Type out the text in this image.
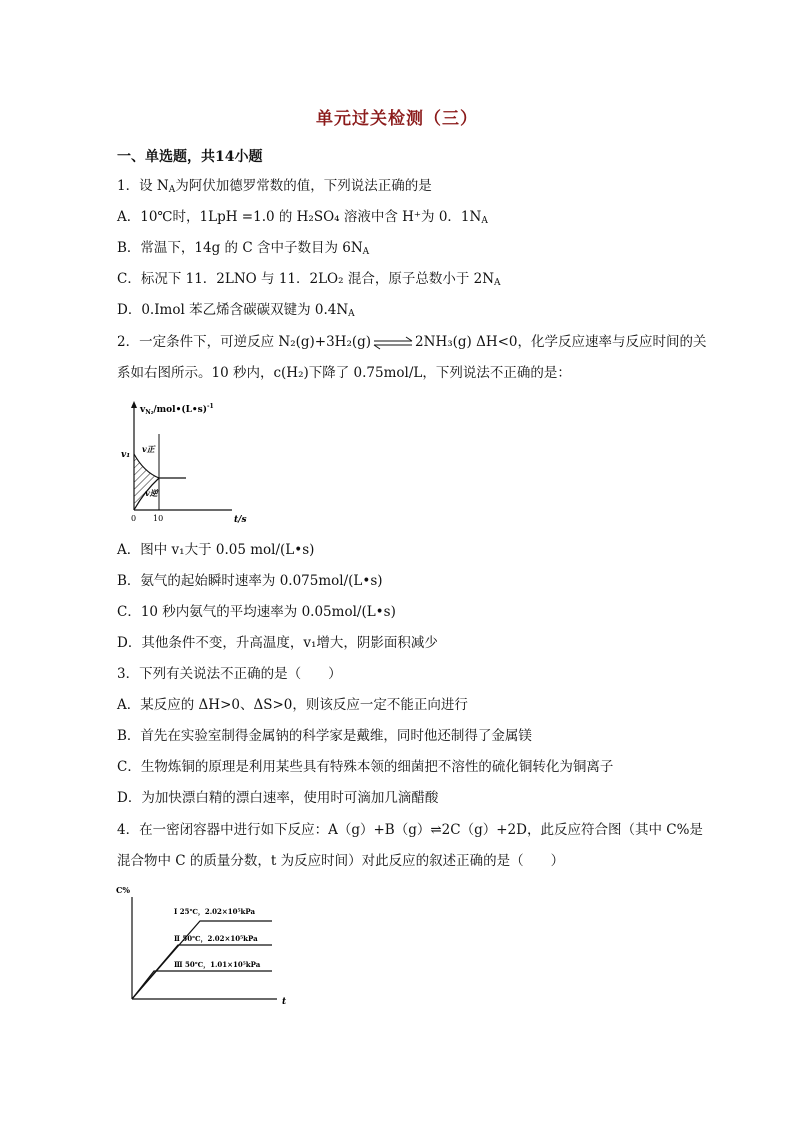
单元过关检测（三）
一、单选题，共14小题
1．设 $N_A$为阿伏加德罗常数的值，下列说法正确的是
A．10℃时，1LpH =1.0 的 H₂SO₄ 溶液中含 H⁺为 0．$1N_A$
B．常温下，14g 的 C 含中子数目为 $6N_A$
C．标况下 11．2LNO 与 11．2LO₂ 混合，原子总数小于 $2N_A$
D．0.Imol 苯乙烯含碳碳双键为 $0.4N_A$
2．一定条件下，可逆反应 N₂(g)+3H₂(g)⇌2NH₃(g) ΔH<0，化学反应速率与反应时间的关
系如右图所示。10 秒内，c(H₂)下降了 0.75mol/L，下列说法不正确的是：
$v_{N_2}/mol•(L•s)^{-1}$
v₁
v正
v逆
0 10	t/s
A．图中 v₁大于 0.05 mol/(L•s)
B．氨气的起始瞬时速率为 0.075mol/(L•s)
C．10 秒内氨气的平均速率为 0.05mol/(L•s)
D．其他条件不变，升高温度，v₁增大，阴影面积减少
3．下列有关说法不正确的是（　　）
A．某反应的 ΔH>0、ΔS>0，则该反应一定不能正向进行
B．首先在实验室制得金属钠的科学家是戴维，同时他还制得了金属镁
C．生物炼铜的原理是利用某些具有特殊本领的细菌把不溶性的硫化铜转化为铜离子
D．为加快漂白精的漂白速率，使用时可滴加几滴醋酸
4．在一密闭容器中进行如下反应：A（g）+B（g）⇌2C（g）+2D，此反应符合图（其中 C%是
混合物中 C 的质量分数，t 为反应时间）对此反应的叙述正确的是（　　）
C%
t
Ⅰ 25℃，2.02×10⁵kPa
Ⅱ 50℃，2.02×10⁵kPa
Ⅲ 50℃，1.01×10⁵kPa
